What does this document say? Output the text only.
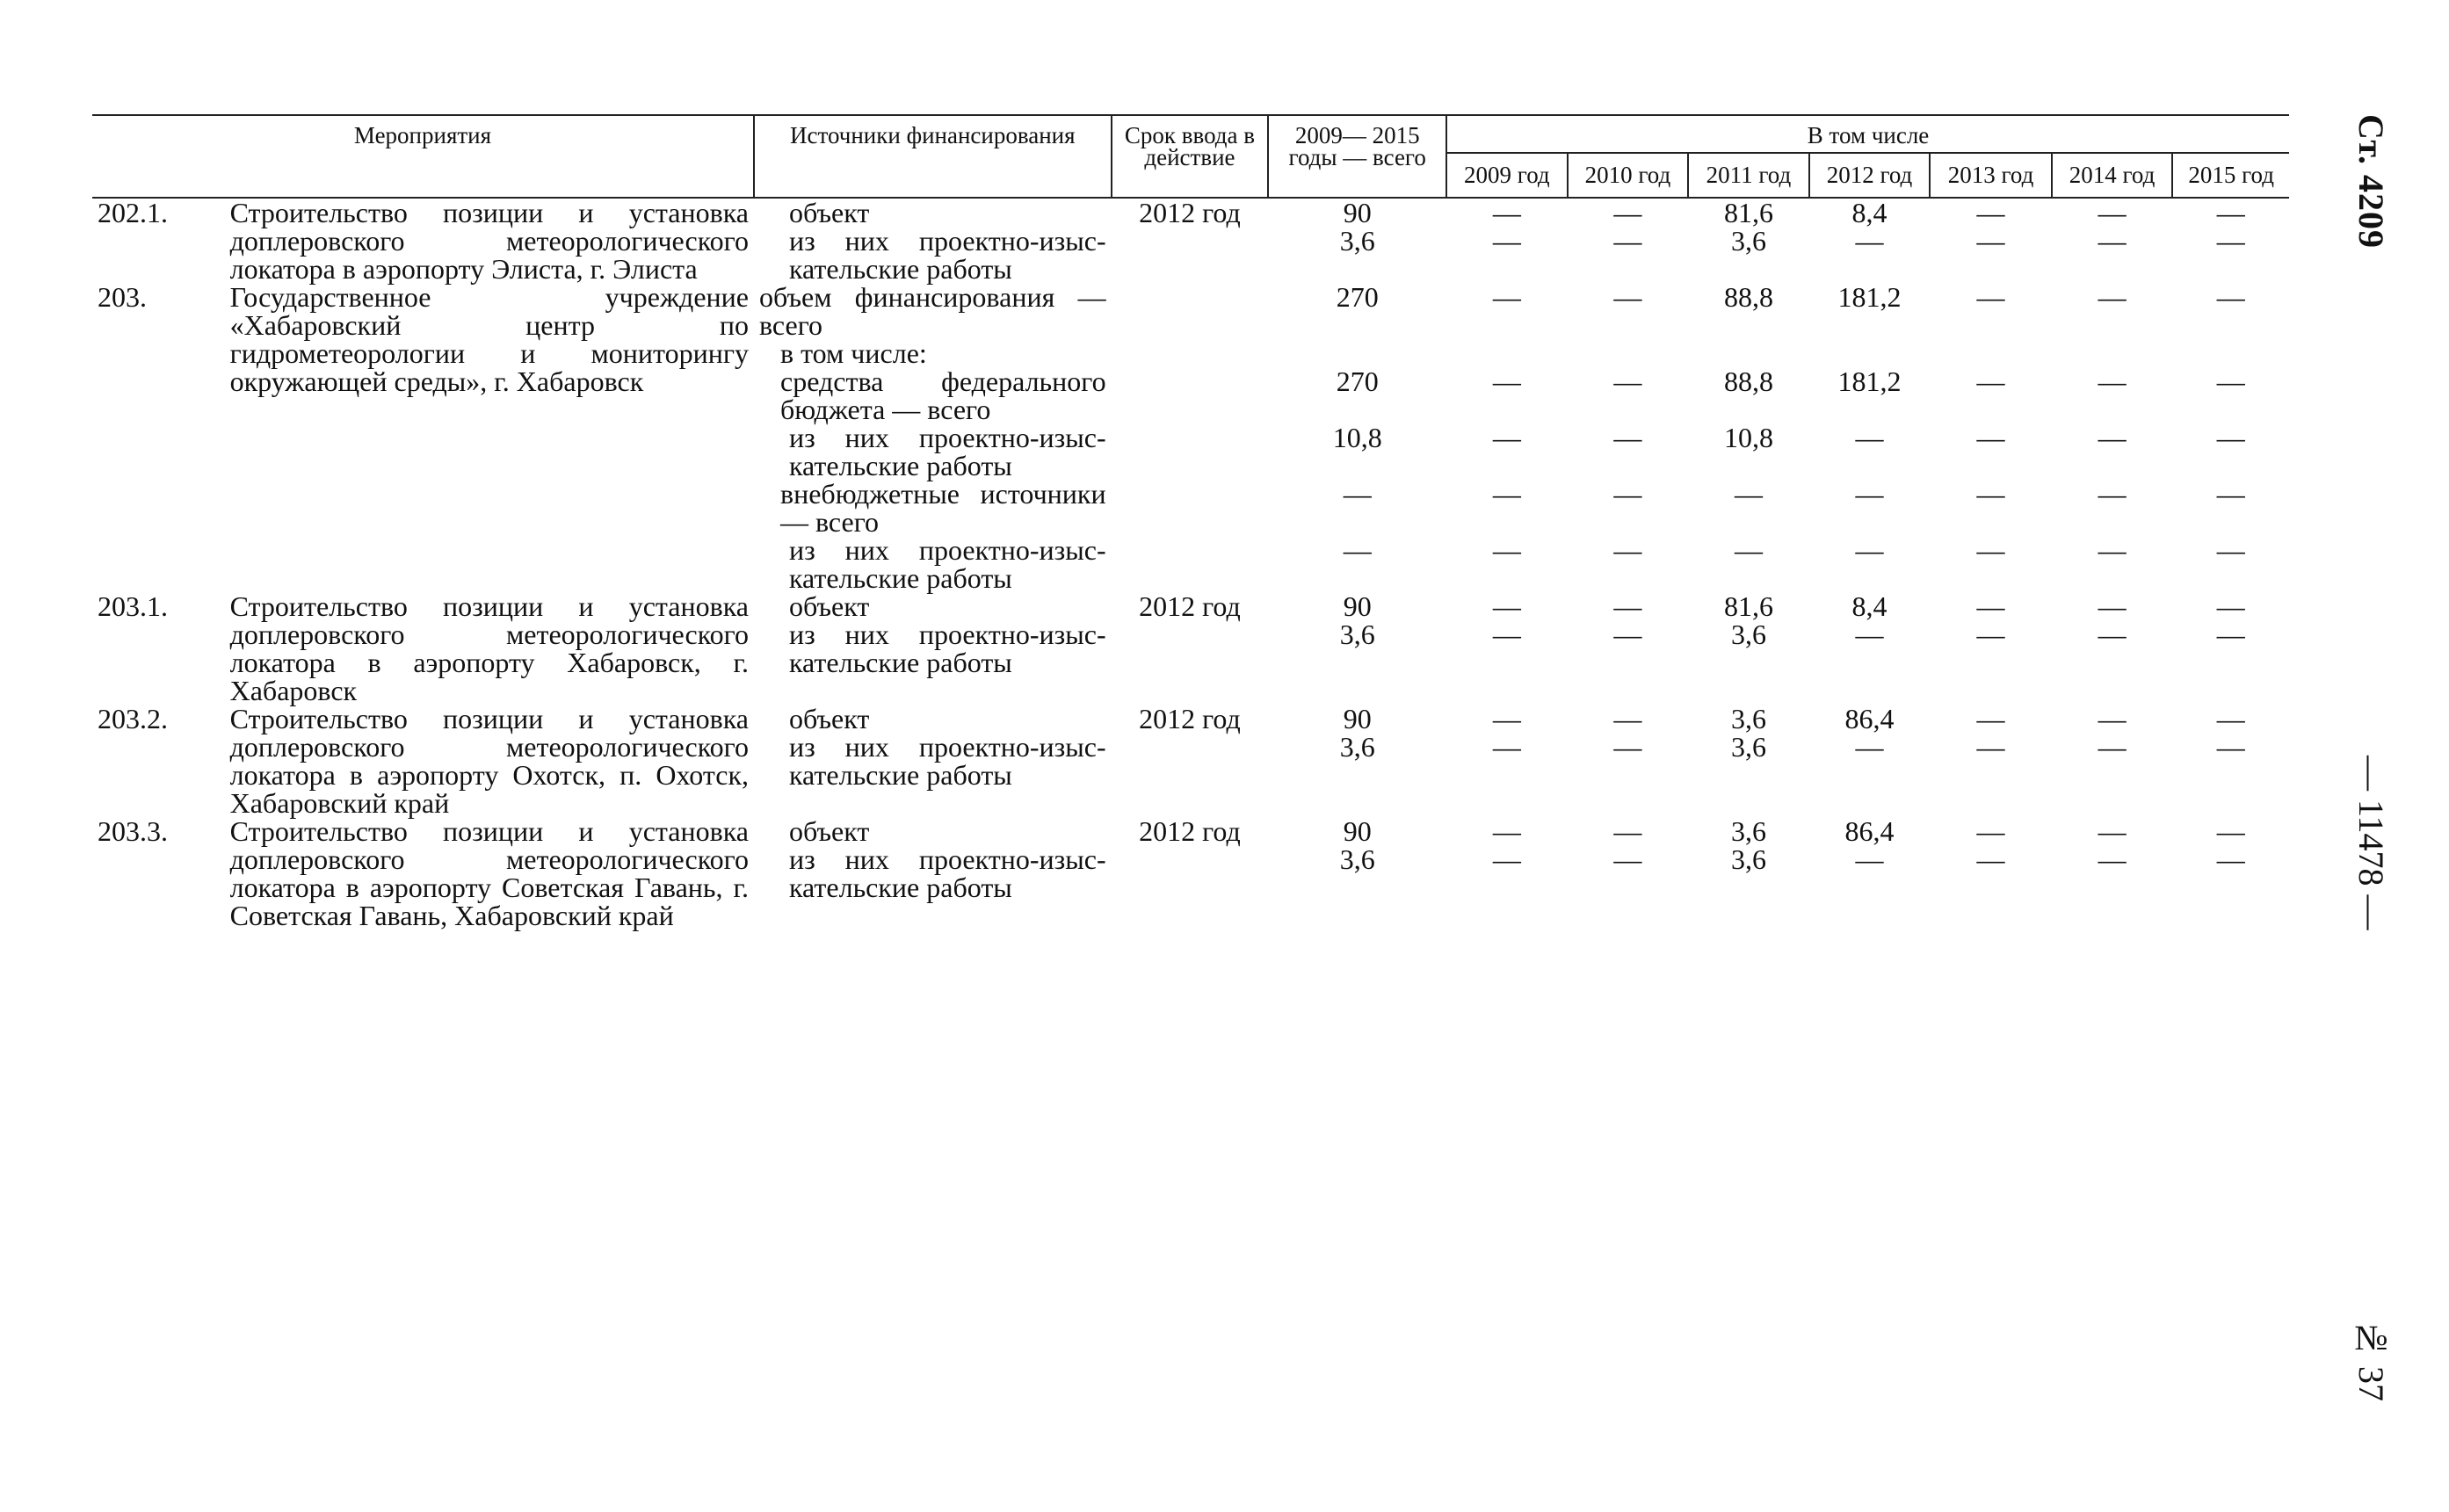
Мероприятия		Источники финансирования	Срок ввода в действие	2009— 2015 годы — всего	В том числе						
					2009 год	2010 год	2011 год	2012 год	2013 год	2014 год	2015 год
202.1.	Строительство позиции и установка доплеровского метеорологического локатора в аэропорту Элиста, г. Элиста	объект	2012 год	90	—	—	81,6	8,4	—	—	—
		из них проектно-изыс- кательские работы		3,6	—	—	3,6	—	—	—	—
203.	Государственное учреждение «Хабаровский центр по гидрометеорологии и мониторингу окружающей среды», г. Хабаровск	объем финансирования — всего		270	—	—	88,8	181,2	—	—	—
		в том числе:									
		средства федерального бюджета — всего		270	—	—	88,8	181,2	—	—	—
		из них проектно-изыс- кательские работы		10,8	—	—	10,8	—	—	—	—
		внебюджетные источники — всего		—	—	—	—	—	—	—	—
		из них проектно-изыс- кательские работы		—	—	—	—	—	—	—	—
203.1.	Строительство позиции и установка доплеровского метеорологического локатора в аэропорту Хабаровск, г. Хабаровск	объект	2012 год	90	—	—	81,6	8,4	—	—	—
		из них проектно-изыс- кательские работы		3,6	—	—	3,6	—	—	—	—
203.2.	Строительство позиции и установка доплеровского метеорологического локатора в аэропорту Охотск, п. Охотск, Хабаровский край	объект	2012 год	90	—	—	3,6	86,4	—	—	—
		из них проектно-изыс- кательские работы		3,6	—	—	3,6	—	—	—	—
203.3.	Строительство позиции и установка доплеровского метеорологического локатора в аэропорту Советская Гавань, г. Советская Гавань, Хабаровский край	объект	2012 год	90	—	—	3,6	86,4	—	—	—
		из них проектно-изыс- кательские работы		3,6	—	—	3,6	—	—	—	—
Ст. 4209
— 11478 —
№ 37
